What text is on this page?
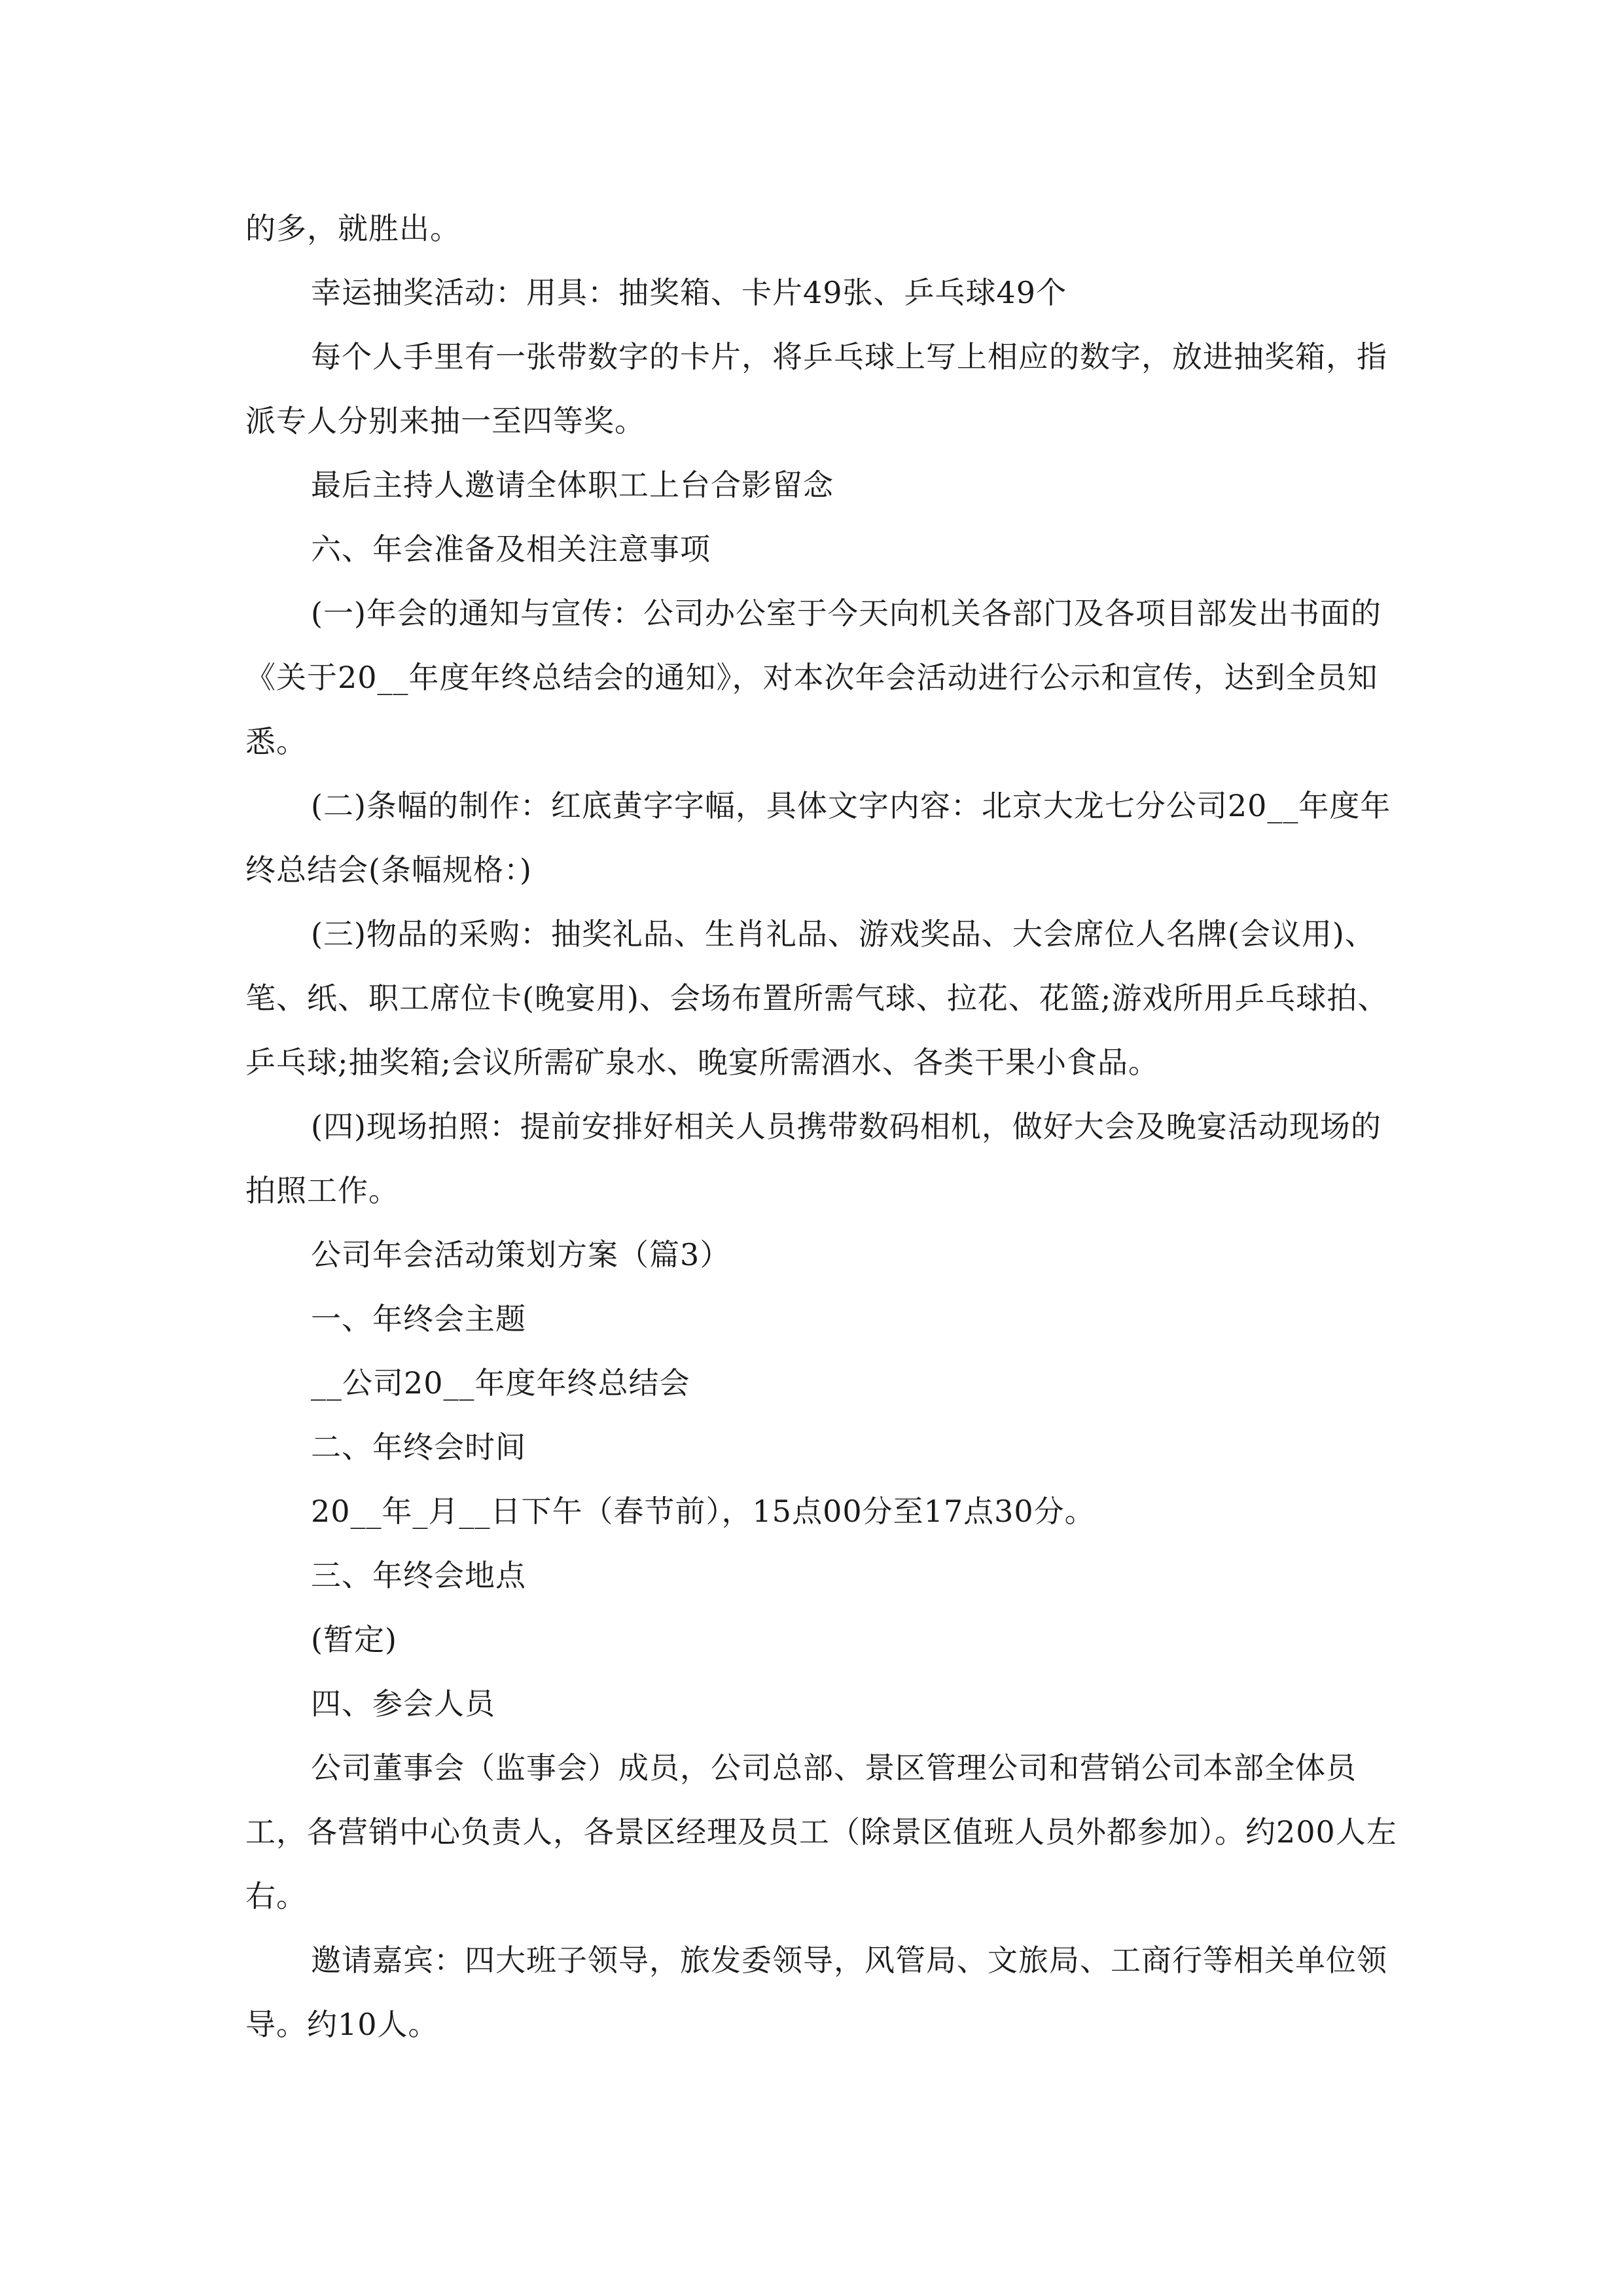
的多，就胜出。

幸运抽奖活动：用具：抽奖箱、卡片49张、乒乓球49个

每个人手里有一张带数字的卡片，将乒乓球上写上相应的数字，放进抽奖箱，指派专人分别来抽一至四等奖。

最后主持人邀请全体职工上台合影留念

六、年会准备及相关注意事项

(一)年会的通知与宣传：公司办公室于今天向机关各部门及各项目部发出书面的《关于20__年度年终总结会的通知》，对本次年会活动进行公示和宣传，达到全员知悉。

(二)条幅的制作：红底黄字字幅，具体文字内容：北京大龙七分公司20__年度年终总结会(条幅规格：)

(三)物品的采购：抽奖礼品、生肖礼品、游戏奖品、大会席位人名牌(会议用)、笔、纸、职工席位卡(晚宴用)、会场布置所需气球、拉花、花篮;游戏所用乒乓球拍、乒乓球;抽奖箱;会议所需矿泉水、晚宴所需酒水、各类干果小食品。

(四)现场拍照：提前安排好相关人员携带数码相机，做好大会及晚宴活动现场的拍照工作。

公司年会活动策划方案（篇3）

一、年终会主题

__公司20__年度年终总结会

二、年终会时间

20__年_月__日下午（春节前），15点00分至17点30分。

三、年终会地点

(暂定)

四、参会人员

公司董事会（监事会）成员，公司总部、景区管理公司和营销公司本部全体员工，各营销中心负责人，各景区经理及员工（除景区值班人员外都参加）。约200人左右。

邀请嘉宾：四大班子领导，旅发委领导，风管局、文旅局、工商行等相关单位领导。约10人。
